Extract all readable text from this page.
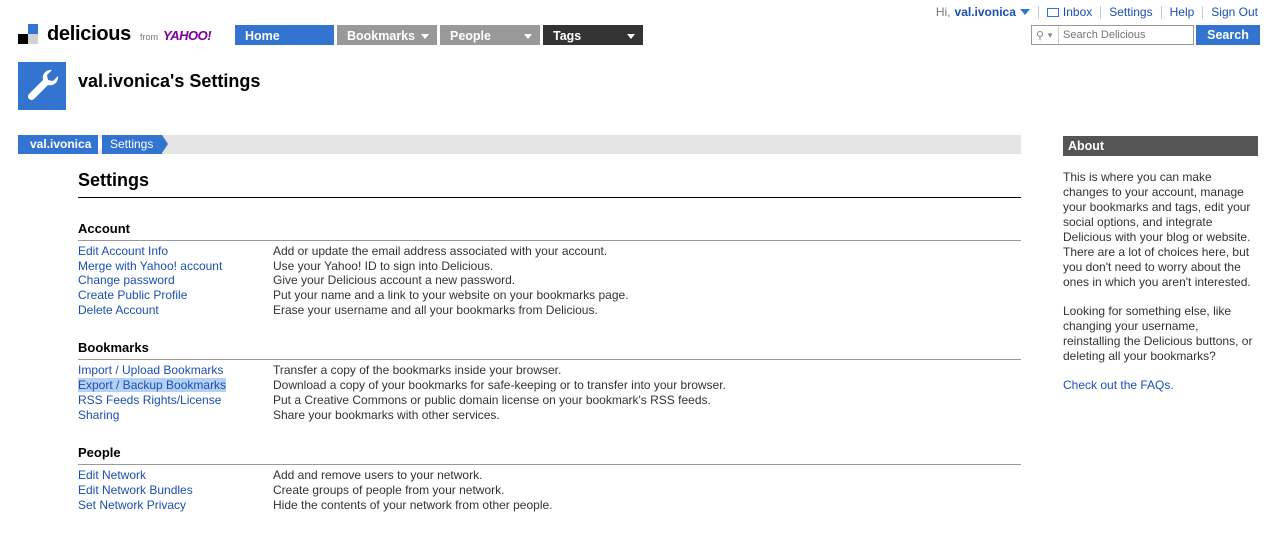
delicious from YAHOO!	Home	Bookmarks	People	Tags
Hi, val.ivonica	Inbox Settings Help Sign Out
⚲ ▼
Search Delicious	Search
val.ivonica's Settings
val.ivonica	Settings
Settings
Account
Edit Account Info	Add or update the email address associated with your account.
Merge with Yahoo! account	Use your Yahoo! ID to sign into Delicious.
Change password	Give your Delicious account a new password.
Create Public Profile	Put your name and a link to your website on your bookmarks page.
Delete Account	Erase your username and all your bookmarks from Delicious.
Bookmarks
Import / Upload Bookmarks	Transfer a copy of the bookmarks inside your browser.
Export / Backup Bookmarks	Download a copy of your bookmarks for safe-keeping or to transfer into your browser.
RSS Feeds Rights/License	Put a Creative Commons or public domain license on your bookmark's RSS feeds.
Sharing	Share your bookmarks with other services.
People
Edit Network	Add and remove users to your network.
Edit Network Bundles	Create groups of people from your network.
Set Network Privacy	Hide the contents of your network from other people.
About

This is where you can make changes to your account, manage your bookmarks and tags, edit your social options, and integrate Delicious with your blog or website. There are a lot of choices here, but you don't need to worry about the ones in which you aren't interested.

Looking for something else, like changing your username, reinstalling the Delicious buttons, or deleting all your bookmarks?

Check out the FAQs.
